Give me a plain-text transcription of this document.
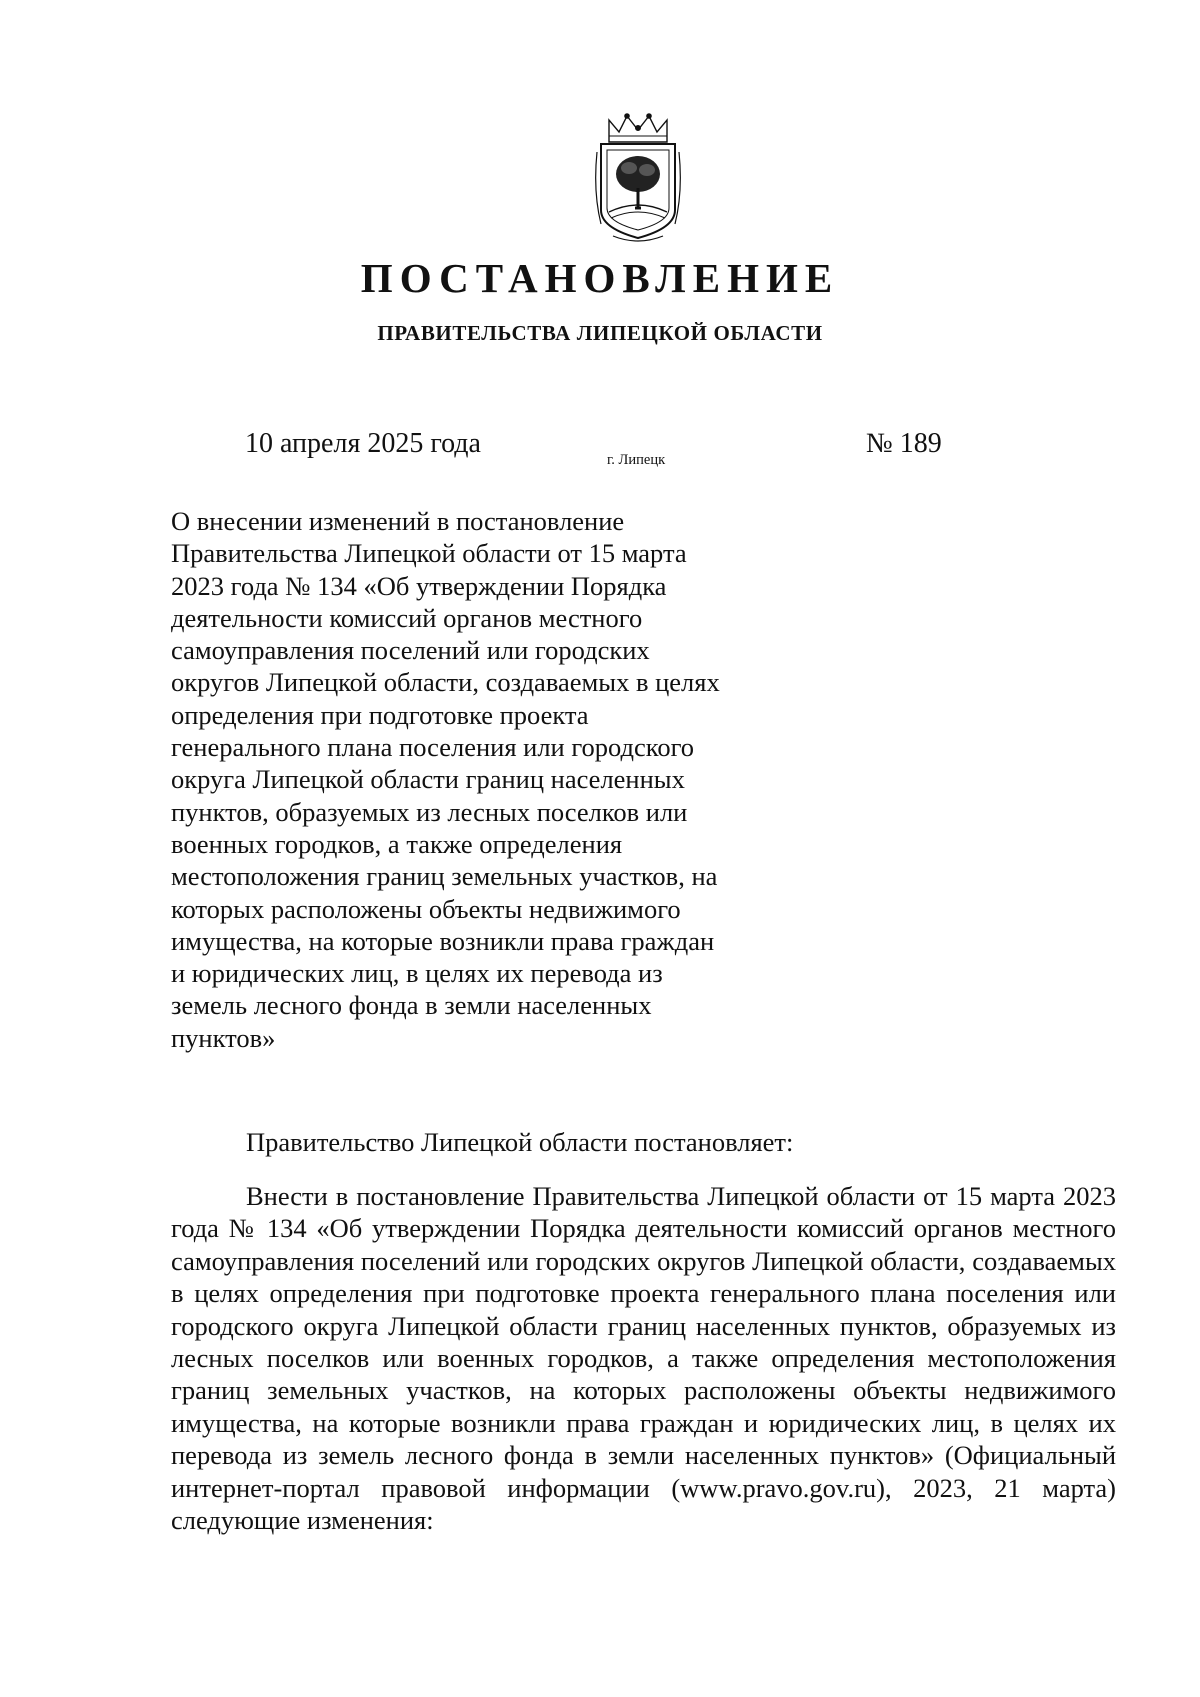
ПОСТАНОВЛЕНИЕ
ПРАВИТЕЛЬСТВА ЛИПЕЦКОЙ ОБЛАСТИ
10 апреля 2025 года
г. Липецк
№ 189
О внесении изменений в постановление
Правительства Липецкой области от 15 марта
2023 года № 134 «Об утверждении Порядка
деятельности комиссий органов местного
самоуправления поселений или городских
округов Липецкой области, создаваемых в целях
определения при подготовке проекта
генерального плана поселения или городского
округа Липецкой области границ населенных
пунктов, образуемых из лесных поселков или
военных городков, а также определения
местоположения границ земельных участков, на
которых расположены объекты недвижимого
имущества, на которые возникли права граждан
и юридических лиц, в целях их перевода из
земель лесного фонда в земли населенных
пунктов»
Правительство Липецкой области постановляет:
Внести в постановление Правительства Липецкой области от 15 марта 2023 года № 134 «Об утверждении Порядка деятельности комиссий органов местного самоуправления поселений или городских округов Липецкой области, создаваемых в целях определения при подготовке проекта генерального плана поселения или городского округа Липецкой области границ населенных пунктов, образуемых из лесных поселков или военных городков, а также определения местоположения границ земельных участков, на которых расположены объекты недвижимого имущества, на которые возникли права граждан и юридических лиц, в целях их перевода из земель лесного фонда в земли населенных пунктов» (Официальный интернет-портал правовой информации (www.pravo.gov.ru), 2023, 21 марта) следующие изменения:
